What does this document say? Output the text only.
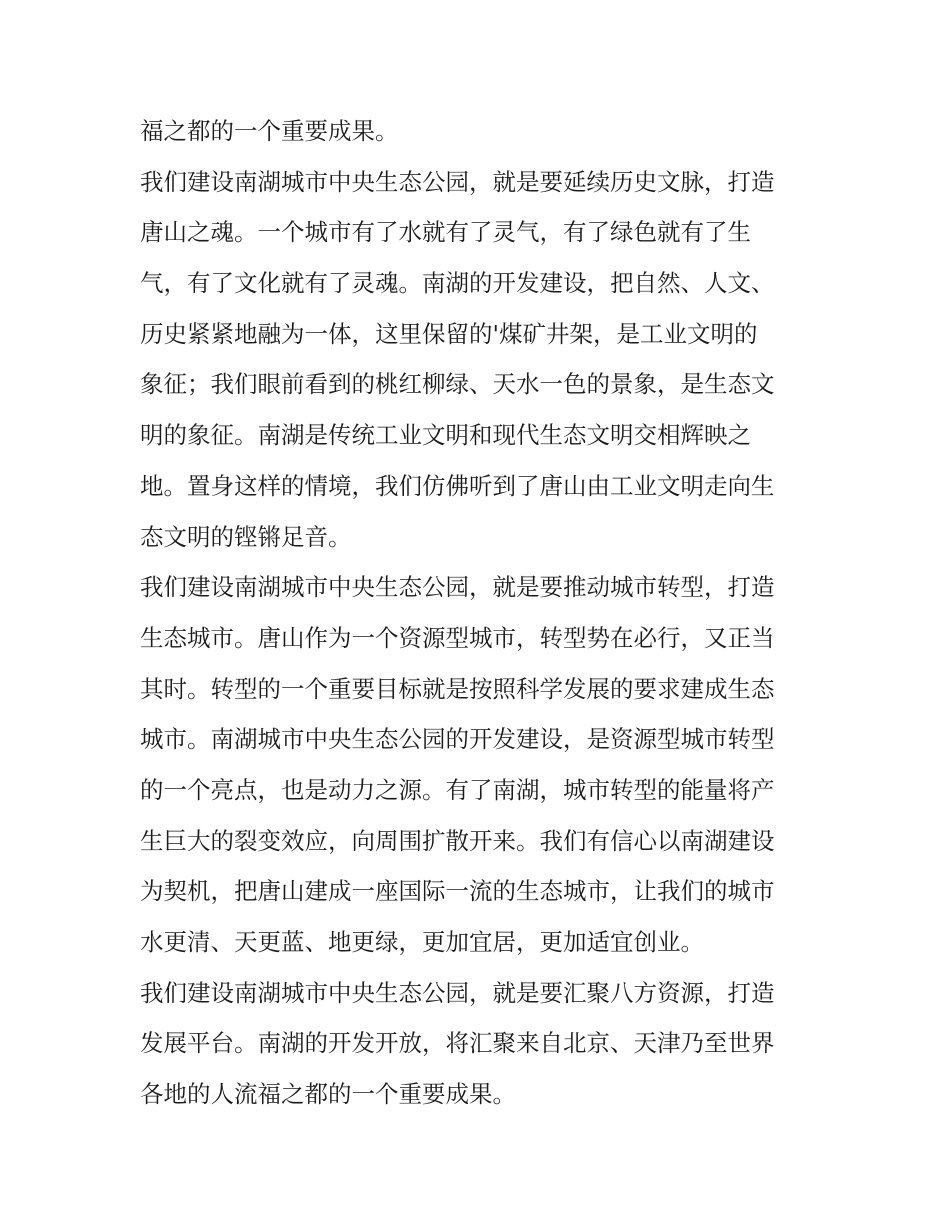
福之都的一个重要成果。
我们建设南湖城市中央生态公园，就是要延续历史文脉，打造
唐山之魂。一个城市有了水就有了灵气，有了绿色就有了生
气，有了文化就有了灵魂。南湖的开发建设，把自然、人文、
历史紧紧地融为一体，这里保留的'煤矿井架，是工业文明的
象征；我们眼前看到的桃红柳绿、天水一色的景象，是生态文
明的象征。南湖是传统工业文明和现代生态文明交相辉映之
地。置身这样的情境，我们仿佛听到了唐山由工业文明走向生
态文明的铿锵足音。
我们建设南湖城市中央生态公园，就是要推动城市转型，打造
生态城市。唐山作为一个资源型城市，转型势在必行，又正当
其时。转型的一个重要目标就是按照科学发展的要求建成生态
城市。南湖城市中央生态公园的开发建设，是资源型城市转型
的一个亮点，也是动力之源。有了南湖，城市转型的能量将产
生巨大的裂变效应，向周围扩散开来。我们有信心以南湖建设
为契机，把唐山建成一座国际一流的生态城市，让我们的城市
水更清、天更蓝、地更绿，更加宜居，更加适宜创业。
我们建设南湖城市中央生态公园，就是要汇聚八方资源，打造
发展平台。南湖的开发开放，将汇聚来自北京、天津乃至世界
各地的人流福之都的一个重要成果。
